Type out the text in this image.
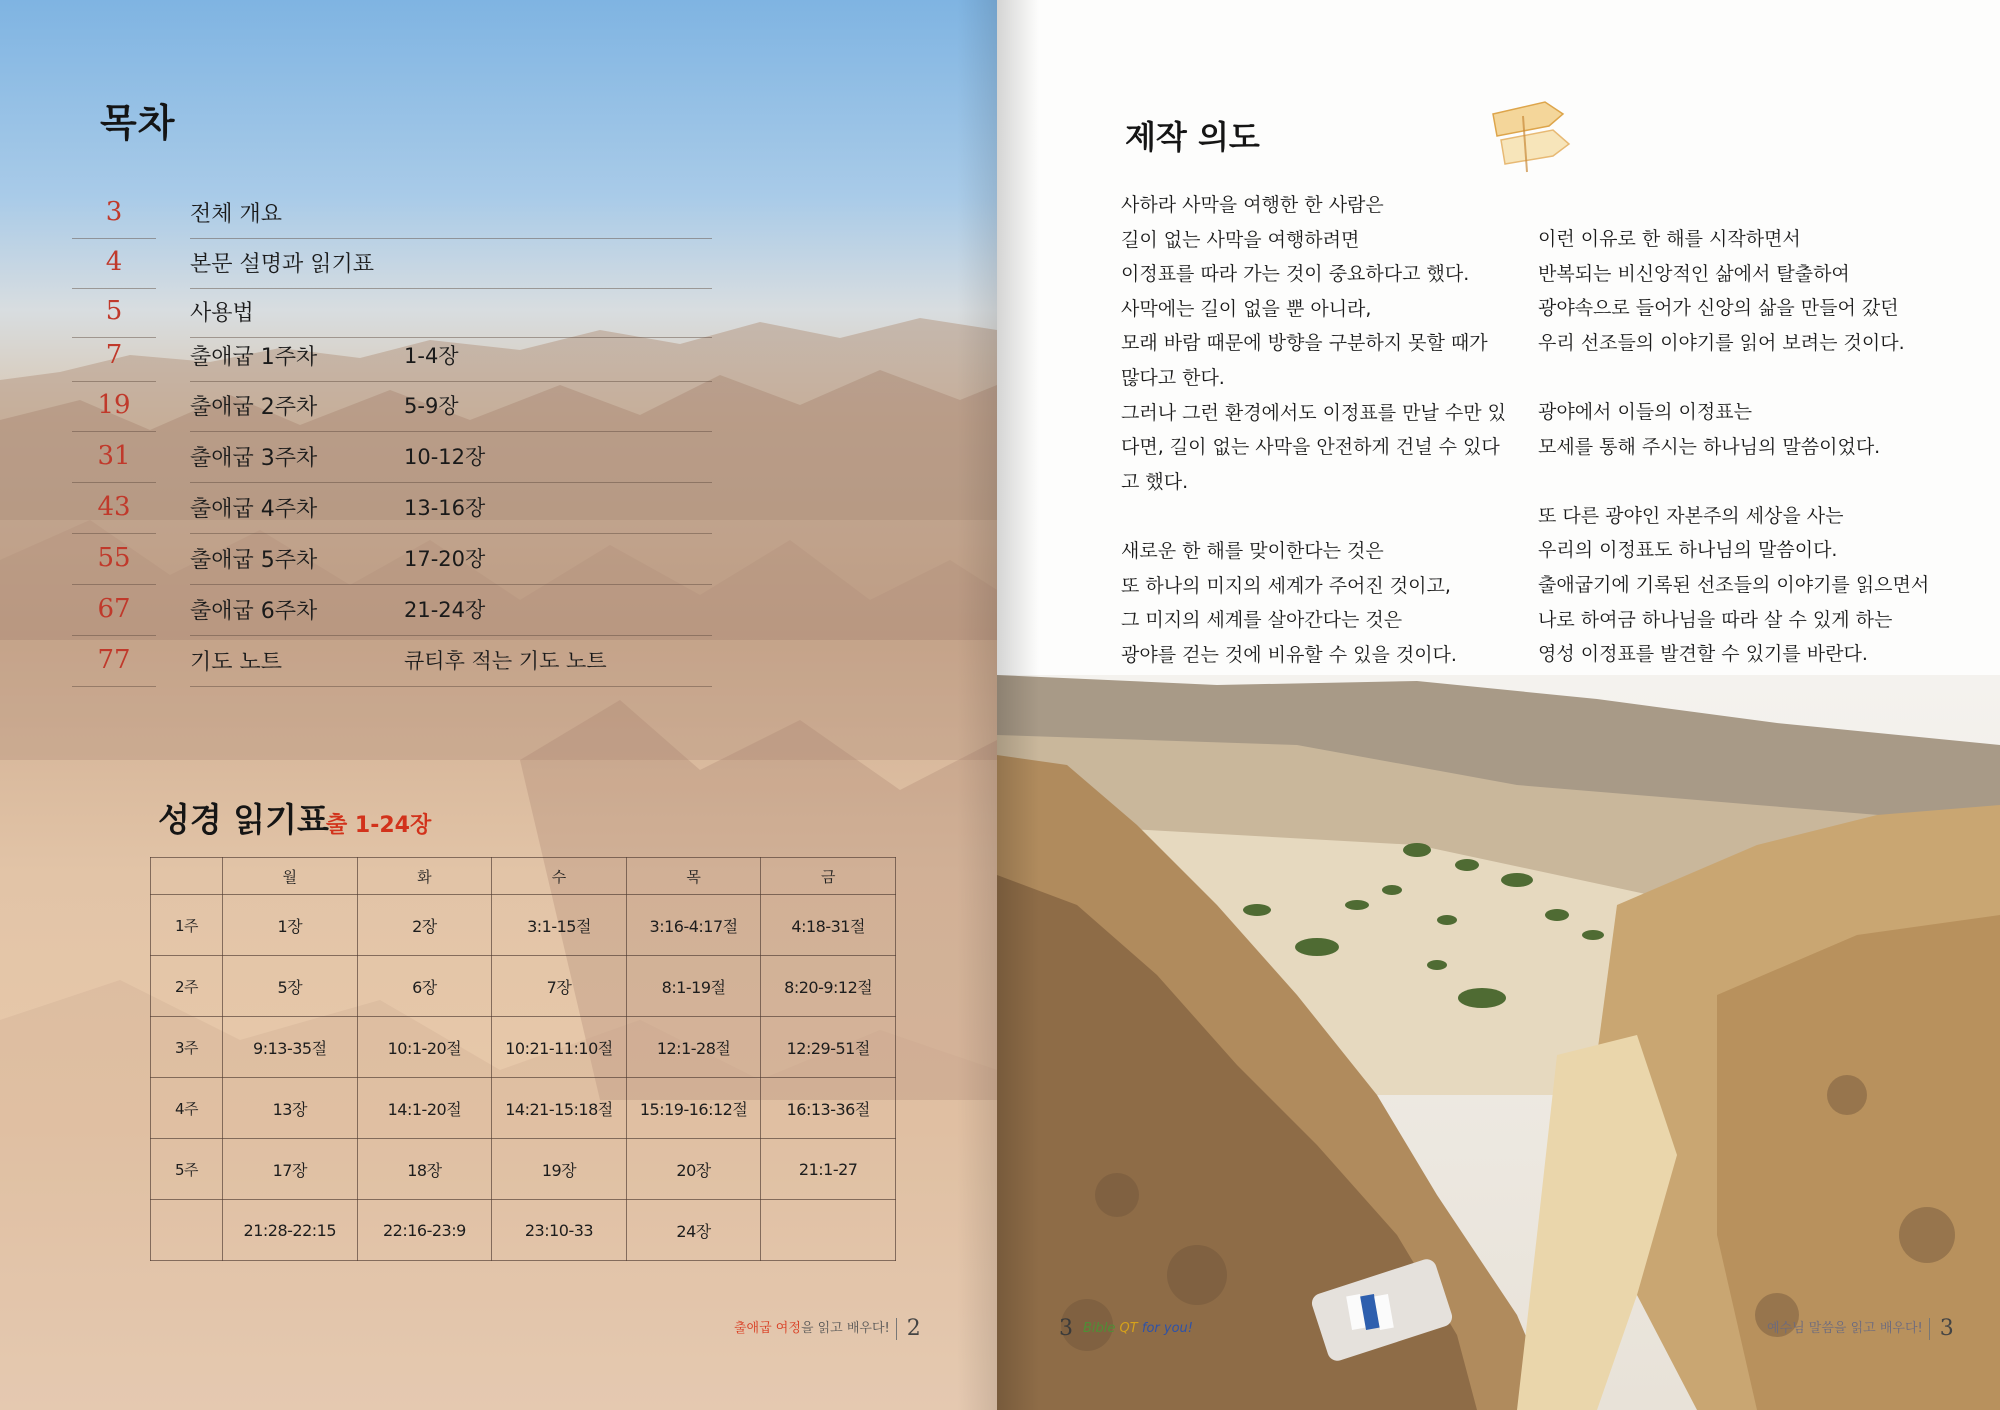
목차
3	전체 개요
4	본문 설명과 읽기표
5	사용법
7	출애굽 1주차	1-4장
19	출애굽 2주차	5-9장
31	출애굽 3주차	10-12장
43	출애굽 4주차	13-16장
55	출애굽 5주차	17-20장
67	출애굽 6주차	21-24장
77	기도 노트	큐티후 적는 기도 노트
성경 읽기표
출 1-24장
	월	화	수	목	금
1주	1장	2장	3:1-15절	3:16-4:17절	4:18-31절
2주	5장	6장	7장	8:1-19절	8:20-9:12절
3주	9:13-35절	10:1-20절	10:21-11:10절	12:1-28절	12:29-51절
4주	13장	14:1-20절	14:21-15:18절	15:19-16:12절	16:13-36절
5주	17장	18장	19장	20장	21:1-27
	21:28-22:15	22:16-23:9	23:10-33	24장	
출애굽 여정을 읽고 배우다! 2
제작 의도
사하라 사막을 여행한 한 사람은
길이 없는 사막을 여행하려면
이정표를 따라 가는 것이 중요하다고 했다.
사막에는 길이 없을 뿐 아니라,
모래 바람 때문에 방향을 구분하지 못할 때가
많다고 한다.
그러나 그런 환경에서도 이정표를 만날 수만 있
다면, 길이 없는 사막을 안전하게 건널 수 있다
고 했다.
새로운 한 해를 맞이한다는 것은
또 하나의 미지의 세계가 주어진 것이고,
그 미지의 세계를 살아간다는 것은
광야를 걷는 것에 비유할 수 있을 것이다.
이런 이유로 한 해를 시작하면서
반복되는 비신앙적인 삶에서 탈출하여
광야속으로 들어가 신앙의 삶을 만들어 갔던
우리 선조들의 이야기를 읽어 보려는 것이다.
광야에서 이들의 이정표는
모세를 통해 주시는 하나님의 말씀이었다.
또 다른 광야인 자본주의 세상을 사는
우리의 이정표도 하나님의 말씀이다.
출애굽기에 기록된 선조들의 이야기를 읽으면서
나로 하여금 하나님을 따라 살 수 있게 하는
영성 이정표를 발견할 수 있기를 바란다.
3 Bible QT for you!	예수님 말씀을 읽고 배우다! 3
